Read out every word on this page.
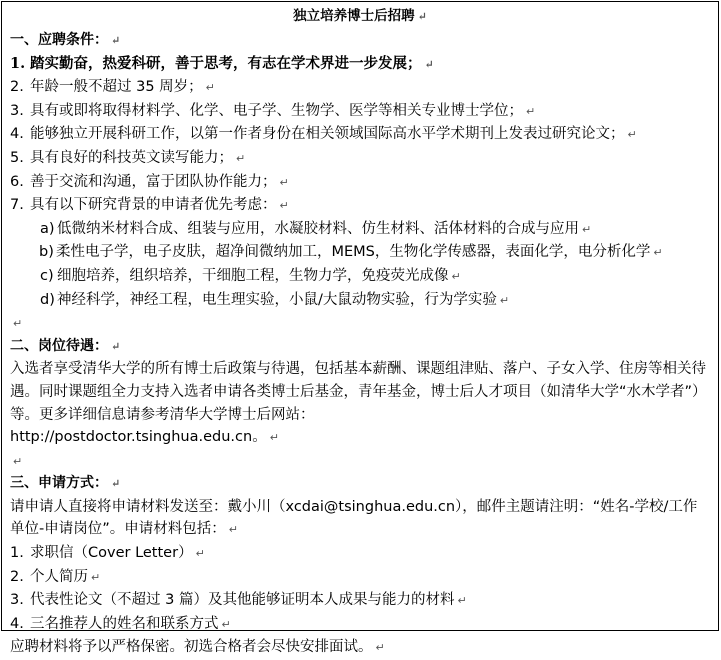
独立培养博士后招聘 ↵
一、应聘条件： ↵
1. 踏实勤奋，热爱科研，善于思考，有志在学术界进一步发展； ↵
2. 年龄一般不超过 35 周岁； ↵
3. 具有或即将取得材料学、化学、电子学、生物学、医学等相关专业博士学位； ↵
4. 能够独立开展科研工作，以第一作者身份在相关领域国际高水平学术期刊上发表过研究论文； ↵
5. 具有良好的科技英文读写能力； ↵
6. 善于交流和沟通，富于团队协作能力； ↵
7. 具有以下研究背景的申请者优先考虑： ↵
a) 低微纳米材料合成、组装与应用，水凝胶材料、仿生材料、活体材料的合成与应用 ↵
b) 柔性电子学，电子皮肤，超净间微纳加工，MEMS，生物化学传感器，表面化学，电分析化学 ↵
c) 细胞培养，组织培养，干细胞工程，生物力学，免疫荧光成像 ↵
d) 神经科学，神经工程，电生理实验，小鼠/大鼠动物实验，行为学实验 ↵
↵
二、岗位待遇： ↵
入选者享受清华大学的所有博士后政策与待遇，包括基本薪酬、课题组津贴、落户、子女入学、住房等相关待遇。同时课题组全力支持入选者申请各类博士后基金，青年基金，博士后人才项目（如清华大学“水木学者”）等。更多详细信息请参考清华大学博士后网站：
http://postdoctor.tsinghua.edu.cn。 ↵
↵
三、申请方式： ↵
请申请人直接将申请材料发送至：戴小川（xcdai@tsinghua.edu.cn），邮件主题请注明：“姓名-学校/工作单位-申请岗位”。申请材料包括： ↵
1. 求职信（Cover Letter） ↵
2. 个人简历 ↵
3. 代表性论文（不超过 3 篇）及其他能够证明本人成果与能力的材料 ↵
4. 三名推荐人的姓名和联系方式 ↵
应聘材料将予以严格保密。初选合格者会尽快安排面试。 ↵
